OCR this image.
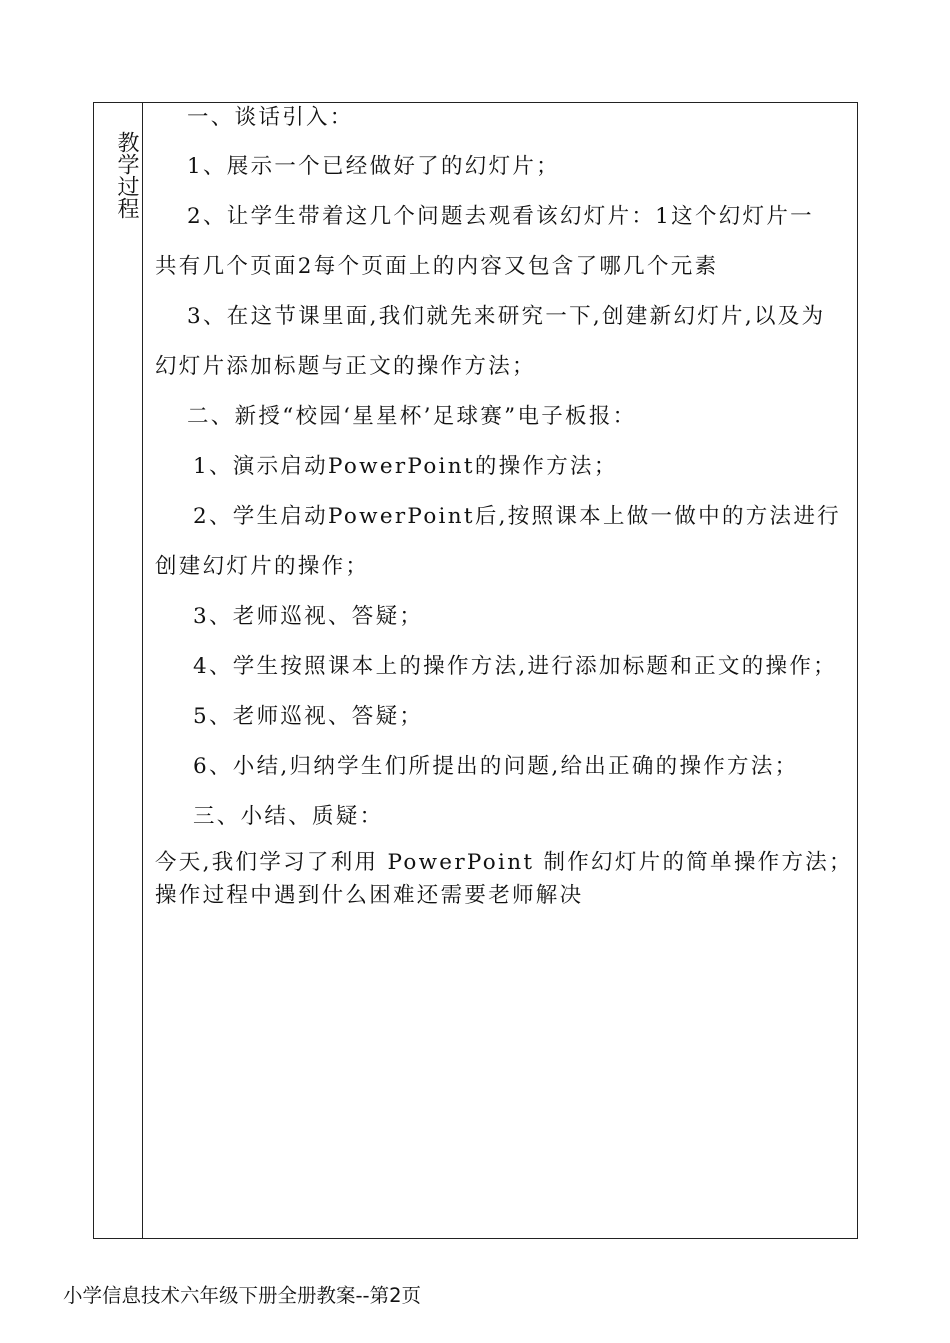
教学过程
一、谈话引入：
1、展示一个已经做好了的幻灯片；
2、让学生带着这几个问题去观看该幻灯片：1这个幻灯片一
共有几个页面2每个页面上的内容又包含了哪几个元素
3、在这节课里面,我们就先来研究一下,创建新幻灯片,以及为
幻灯片添加标题与正文的操作方法；
二、新授“校园‘星星杯’足球赛”电子板报：
1、演示启动PowerPoint的操作方法；
2、学生启动PowerPoint后,按照课本上做一做中的方法进行
创建幻灯片的操作；
3、老师巡视、答疑；
4、学生按照课本上的操作方法,进行添加标题和正文的操作；
5、老师巡视、答疑；
6、小结,归纳学生们所提出的问题,给出正确的操作方法；
三、小结、质疑：
今天,我们学习了利用 PowerPoint 制作幻灯片的简单操作方法；
操作过程中遇到什么困难还需要老师解决
小学信息技术六年级下册全册教案--第2页
